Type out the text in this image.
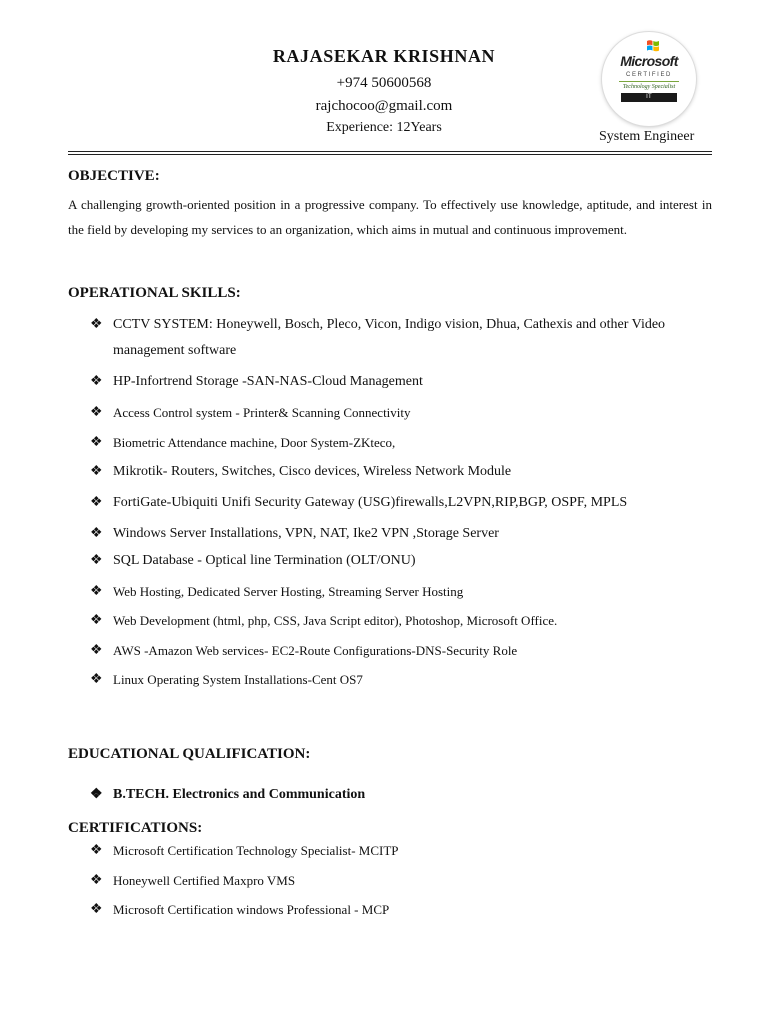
RAJASEKAR KRISHNAN
+974 50600568
rajchocoo@gmail.com
Experience: 12Years
Microsoft
CERTIFIED
Technology Specialist
IT PROFESSIONAL
System Engineer
OBJECTIVE:

A challenging growth-oriented position in a progressive company. To effectively use knowledge, aptitude, and interest in the field by developing my services to an organization, which aims in mutual and continuous improvement.

OPERATIONAL SKILLS:
❖ CCTV SYSTEM: Honeywell, Bosch, Pleco, Vicon, Indigo vision, Dhua, Cathexis and other Video management software
❖ HP-Infortrend Storage -SAN-NAS-Cloud Management
❖ Access Control system - Printer& Scanning Connectivity
❖ Biometric Attendance machine, Door System-ZKteco,
❖ Mikrotik- Routers, Switches, Cisco devices, Wireless Network Module
❖ FortiGate-Ubiquiti Unifi Security Gateway (USG)firewalls,L2VPN,RIP,BGP, OSPF, MPLS
❖ Windows Server Installations, VPN, NAT, Ike2 VPN ,Storage Server
❖ SQL Database - Optical line Termination (OLT/ONU)
❖ Web Hosting, Dedicated Server Hosting, Streaming Server Hosting
❖ Web Development (html, php, CSS, Java Script editor), Photoshop, Microsoft Office.
❖ AWS -Amazon Web services- EC2-Route Configurations-DNS-Security Role
❖ Linux Operating System Installations-Cent OS7
EDUCATIONAL QUALIFICATION:
❖ B.TECH. Electronics and Communication
CERTIFICATIONS:
❖ Microsoft Certification Technology Specialist- MCITP
❖ Honeywell Certified Maxpro VMS
❖ Microsoft Certification windows Professional - MCP
